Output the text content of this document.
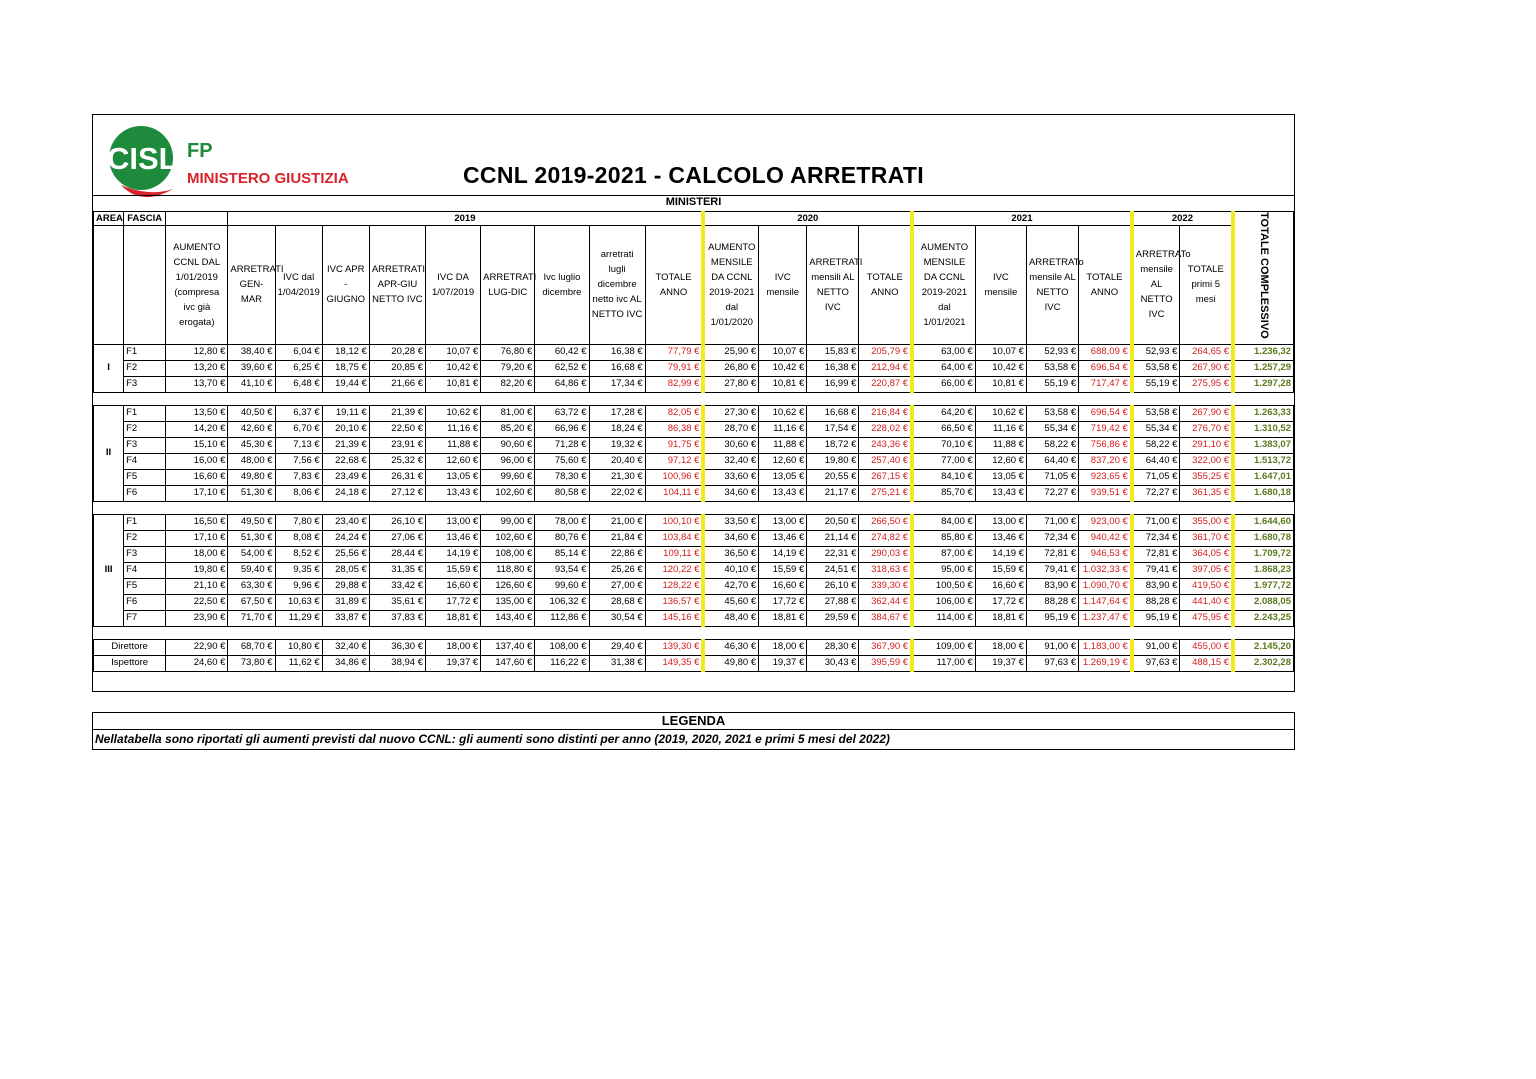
CISL FP
MINISTERO GIUSTIZIA	CCNL 2019-2021 - CALCOLO ARRETRATI
MINISTERI
AREA	FASCIA		2019									2020				2021				2022		TOTALE COMPLESSIVO
		AUMENTO CCNL DAL 1/01/2019 (compresa ivc già erogata)	ARRETRATI GEN-MAR	IVC dal 1/04/2019	IVC APR - GIUGNO	ARRETRATI APR-GIU NETTO IVC	IVC DA 1/07/2019	ARRETRATI LUG-DIC	Ivc luglio dicembre	arretrati lugli dicembre netto ivc AL NETTO IVC	TOTALE ANNO	AUMENTO MENSILE DA CCNL 2019-2021 dal 1/01/2020	IVC mensile	ARRETRATI mensili AL NETTO IVC	TOTALE ANNO	AUMENTO MENSILE DA CCNL 2019-2021 dal 1/01/2021	IVC mensile	ARRETRATo mensile AL NETTO IVC	TOTALE ANNO	ARRETRATo mensile AL NETTO IVC	TOTALE primi 5 mesi	
I	F1	12,80 €	38,40 €	6,04 €	18,12 €	20,28 €	10,07 €	76,80 €	60,42 €	16,38 €	77,79 €	25,90 €	10,07 €	15,83 €	205,79 €	63,00 €	10,07 €	52,93 €	688,09 €	52,93 €	264,65 €	1.236,32
	F2	13,20 €	39,60 €	6,25 €	18,75 €	20,85 €	10,42 €	79,20 €	62,52 €	16,68 €	79,91 €	26,80 €	10,42 €	16,38 €	212,94 €	64,00 €	10,42 €	53,58 €	696,54 €	53,58 €	267,90 €	1.257,29
	F3	13,70 €	41,10 €	6,48 €	19,44 €	21,66 €	10,81 €	82,20 €	64,86 €	17,34 €	82,99 €	27,80 €	10,81 €	16,99 €	220,87 €	66,00 €	10,81 €	55,19 €	717,47 €	55,19 €	275,95 €	1.297,28

II	F1	13,50 €	40,50 €	6,37 €	19,11 €	21,39 €	10,62 €	81,00 €	63,72 €	17,28 €	82,05 €	27,30 €	10,62 €	16,68 €	216,84 €	64,20 €	10,62 €	53,58 €	696,54 €	53,58 €	267,90 €	1.263,33
	F2	14,20 €	42,60 €	6,70 €	20,10 €	22,50 €	11,16 €	85,20 €	66,96 €	18,24 €	86,38 €	28,70 €	11,16 €	17,54 €	228,02 €	66,50 €	11,16 €	55,34 €	719,42 €	55,34 €	276,70 €	1.310,52
	F3	15,10 €	45,30 €	7,13 €	21,39 €	23,91 €	11,88 €	90,60 €	71,28 €	19,32 €	91,75 €	30,60 €	11,88 €	18,72 €	243,36 €	70,10 €	11,88 €	58,22 €	756,86 €	58,22 €	291,10 €	1.383,07
	F4	16,00 €	48,00 €	7,56 €	22,68 €	25,32 €	12,60 €	96,00 €	75,60 €	20,40 €	97,12 €	32,40 €	12,60 €	19,80 €	257,40 €	77,00 €	12,60 €	64,40 €	837,20 €	64,40 €	322,00 €	1.513,72
	F5	16,60 €	49,80 €	7,83 €	23,49 €	26,31 €	13,05 €	99,60 €	78,30 €	21,30 €	100,96 €	33,60 €	13,05 €	20,55 €	267,15 €	84,10 €	13,05 €	71,05 €	923,65 €	71,05 €	355,25 €	1.647,01
	F6	17,10 €	51,30 €	8,06 €	24,18 €	27,12 €	13,43 €	102,60 €	80,58 €	22,02 €	104,11 €	34,60 €	13,43 €	21,17 €	275,21 €	85,70 €	13,43 €	72,27 €	939,51 €	72,27 €	361,35 €	1.680,18

III	F1	16,50 €	49,50 €	7,80 €	23,40 €	26,10 €	13,00 €	99,00 €	78,00 €	21,00 €	100,10 €	33,50 €	13,00 €	20,50 €	266,50 €	84,00 €	13,00 €	71,00 €	923,00 €	71,00 €	355,00 €	1.644,60
	F2	17,10 €	51,30 €	8,08 €	24,24 €	27,06 €	13,46 €	102,60 €	80,76 €	21,84 €	103,84 €	34,60 €	13,46 €	21,14 €	274,82 €	85,80 €	13,46 €	72,34 €	940,42 €	72,34 €	361,70 €	1.680,78
	F3	18,00 €	54,00 €	8,52 €	25,56 €	28,44 €	14,19 €	108,00 €	85,14 €	22,86 €	109,11 €	36,50 €	14,19 €	22,31 €	290,03 €	87,00 €	14,19 €	72,81 €	946,53 €	72,81 €	364,05 €	1.709,72
	F4	19,80 €	59,40 €	9,35 €	28,05 €	31,35 €	15,59 €	118,80 €	93,54 €	25,26 €	120,22 €	40,10 €	15,59 €	24,51 €	318,63 €	95,00 €	15,59 €	79,41 €	1.032,33 €	79,41 €	397,05 €	1.868,23
	F5	21,10 €	63,30 €	9,96 €	29,88 €	33,42 €	16,60 €	126,60 €	99,60 €	27,00 €	128,22 €	42,70 €	16,60 €	26,10 €	339,30 €	100,50 €	16,60 €	83,90 €	1.090,70 €	83,90 €	419,50 €	1.977,72
	F6	22,50 €	67,50 €	10,63 €	31,89 €	35,61 €	17,72 €	135,00 €	106,32 €	28,68 €	136,57 €	45,60 €	17,72 €	27,88 €	362,44 €	106,00 €	17,72 €	88,28 €	1.147,64 €	88,28 €	441,40 €	2.088,05
	F7	23,90 €	71,70 €	11,29 €	33,87 €	37,83 €	18,81 €	143,40 €	112,86 €	30,54 €	145,16 €	48,40 €	18,81 €	29,59 €	384,67 €	114,00 €	18,81 €	95,19 €	1.237,47 €	95,19 €	475,95 €	2.243,25

Direttore		22,90 €	68,70 €	10,80 €	32,40 €	36,30 €	18,00 €	137,40 €	108,00 €	29,40 €	139,30 €	46,30 €	18,00 €	28,30 €	367,90 €	109,00 €	18,00 €	91,00 €	1.183,00 €	91,00 €	455,00 €	2.145,20
Ispettore		24,60 €	73,80 €	11,62 €	34,86 €	38,94 €	19,37 €	147,60 €	116,22 €	31,38 €	149,35 €	49,80 €	19,37 €	30,43 €	395,59 €	117,00 €	19,37 €	97,63 €	1.269,19 €	97,63 €	488,15 €	2.302,28
LEGENDA
Nellatabella sono riportati gli aumenti previsti dal nuovo CCNL: gli aumenti sono distinti per anno (2019, 2020, 2021 e primi 5 mesi del 2022)
